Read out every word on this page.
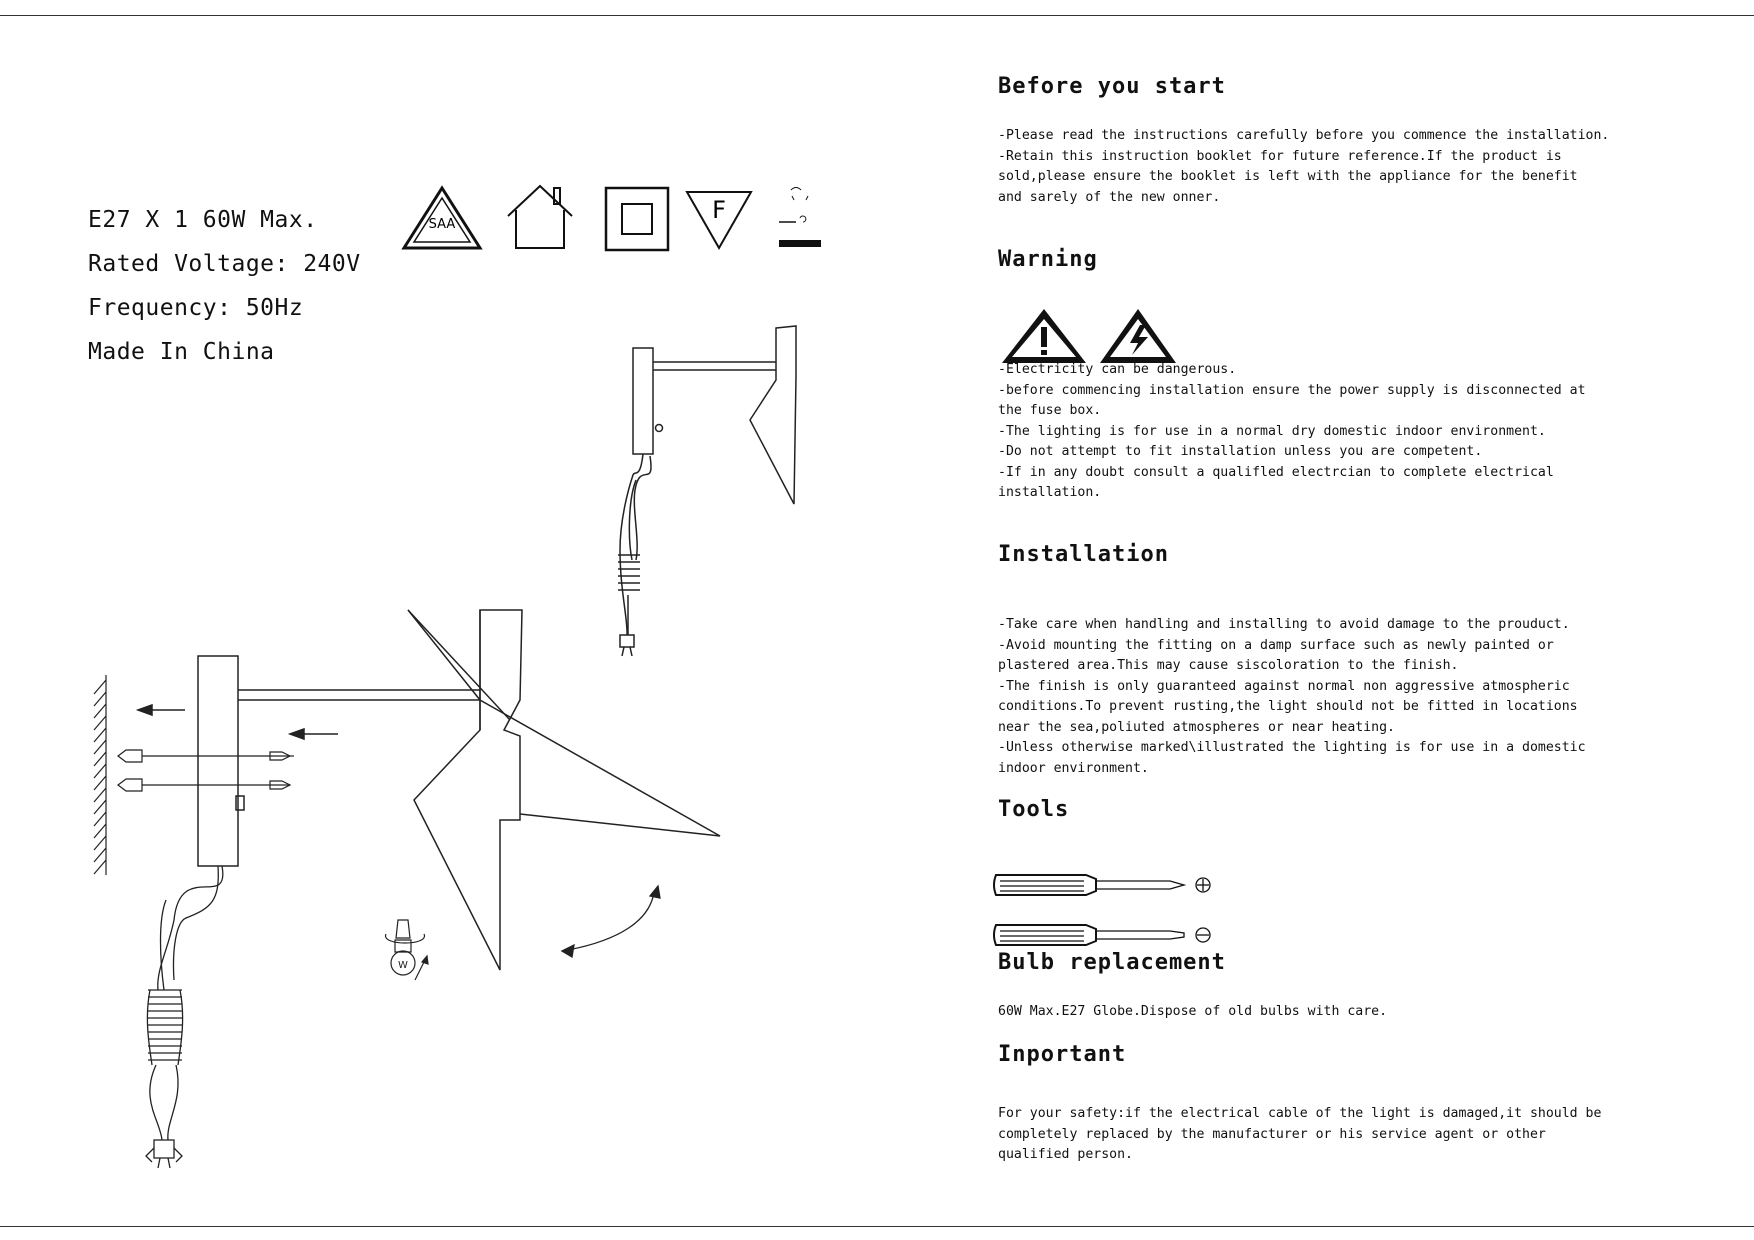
E27 X 1 60W Max.
Rated Voltage: 240V
Frequency: 50Hz
Made In China
SAA
F
W
Before you start
-Please read the instructions carefully before you commence the installation.
-Retain this instruction booklet for future reference.If the product is
sold,please ensure the booklet is left with the appliance for the benefit
and sarely of the new onner.
Warning
-Electricity can be dangerous.
-before commencing installation ensure the power supply is disconnected at
the fuse box.
-The lighting is for use in a normal dry domestic indoor environment.
-Do not attempt to fit installation unless you are competent.
-If in any doubt consult a qualifled electrcian to complete electrical
installation.
Installation
-Take care when handling and installing to avoid damage to the prouduct.
-Avoid mounting the fitting on a damp surface such as newly painted or
plastered area.This may cause siscoloration to the finish.
-The finish is only guaranteed against normal non aggressive atmospheric
conditions.To prevent rusting,the light should not be fitted in locations
near the sea,poliuted atmospheres or near heating.
-Unless otherwise marked\illustrated the lighting is for use in a domestic
indoor environment.
Tools
Bulb replacement
60W Max.E27 Globe.Dispose of old bulbs with care.
Inportant
For your safety:if the electrical cable of the light is damaged,it should be
completely replaced by the manufacturer or his service agent or other
qualified person.
